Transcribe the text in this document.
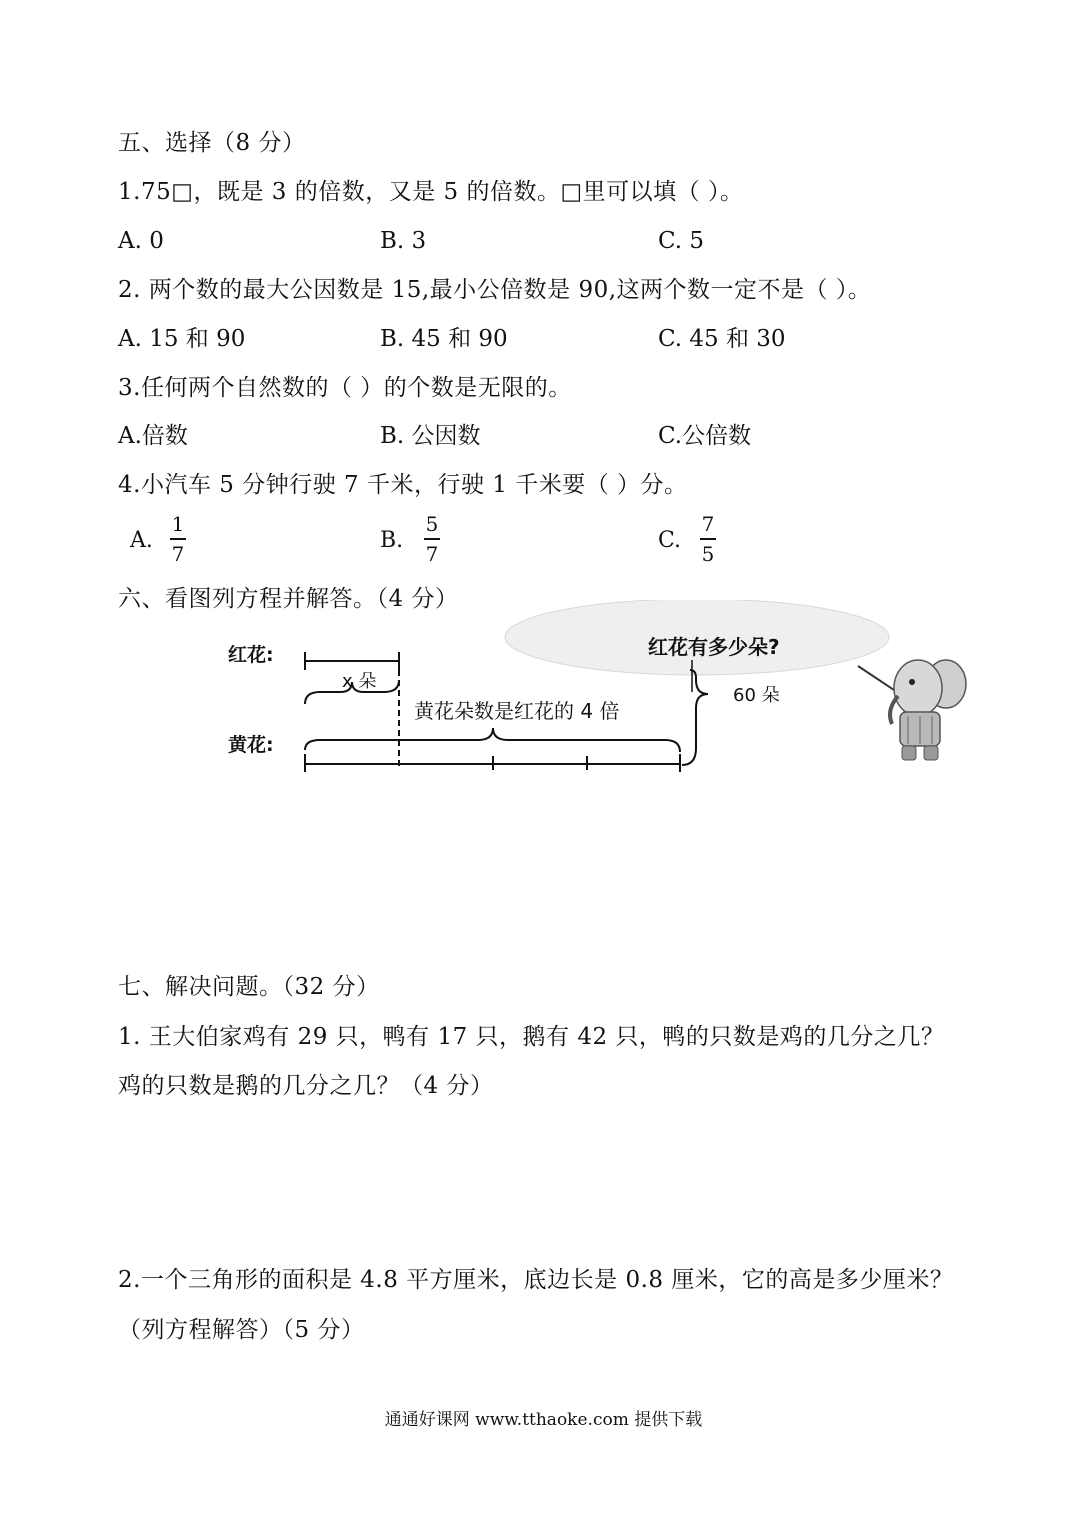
五、选择（8 分）
1.75□，既是 3 的倍数，又是 5 的倍数。□里可以填（ ）。
A. 0	B. 3	C. 5
2. 两个数的最大公因数是 15,最小公倍数是 90,这两个数一定不是（ ）。
A. 15 和 90	B. 45 和 90	C. 45 和 30
3.任何两个自然数的（ ）的个数是无限的。
A.倍数	B. 公因数	C.公倍数
4.小汽车 5 分钟行驶 7 千米，行驶 1 千米要（ ）分。
A.
1
7
B.
5
7
C.
7
5
六、看图列方程并解答。（4 分）
红花有多少朵?
红花:
黄花:
x 朵
黄花朵数是红花的 4 倍
60 朵
七、解决问题。（32 分）
1. 王大伯家鸡有 29 只，鸭有 17 只，鹅有 42 只，鸭的只数是鸡的几分之几？
鸡的只数是鹅的几分之几？（4 分）
2.一个三角形的面积是 4.8 平方厘米，底边长是 0.8 厘米，它的高是多少厘米？
（列方程解答）（5 分）
通通好课网 www.tthaoke.com 提供下载
